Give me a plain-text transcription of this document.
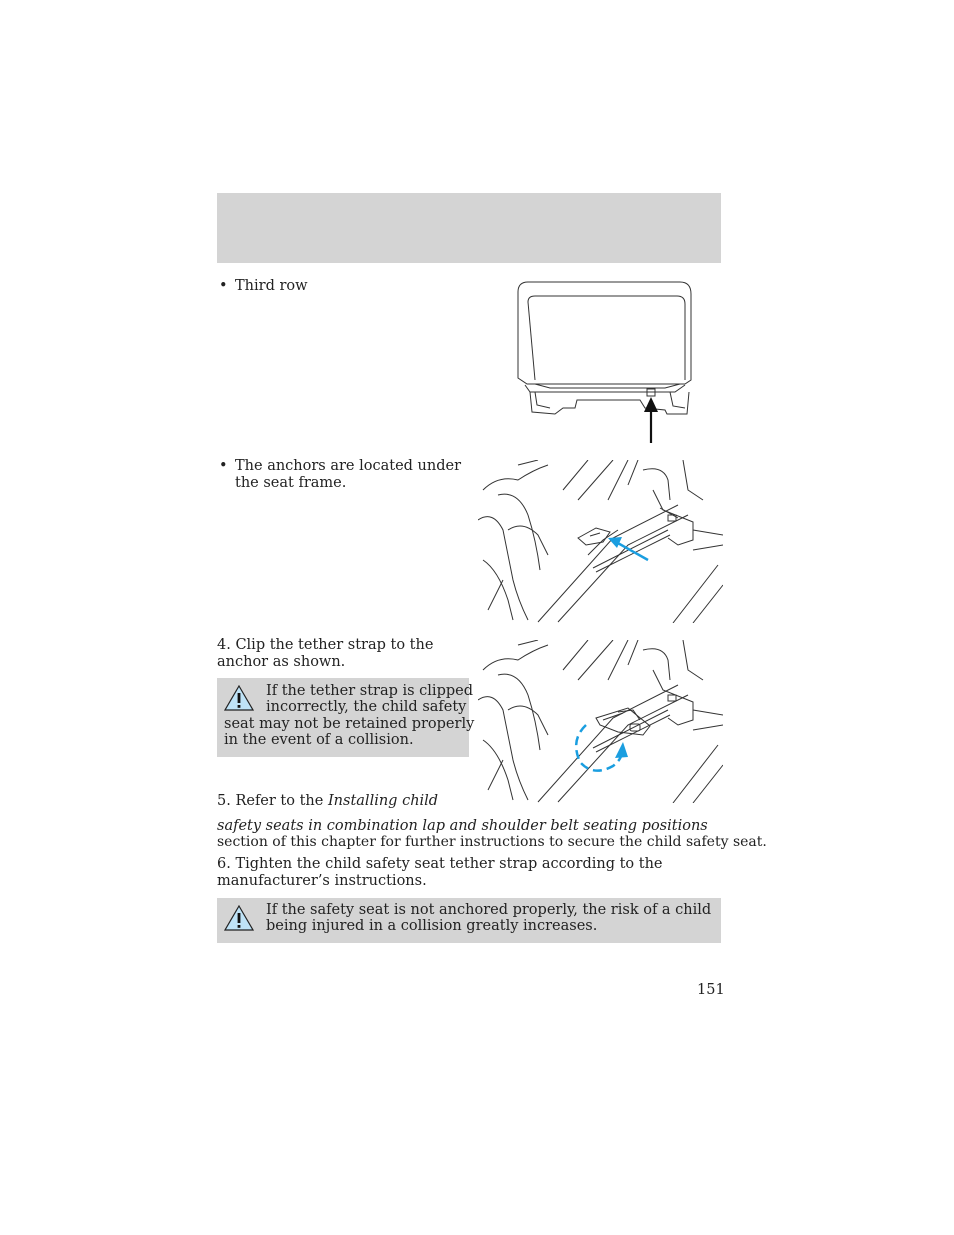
• Third row
• The anchors are located under
the seat frame.
4. Clip the tether strap to the
anchor as shown.
If the tether strap is clipped
incorrectly, the child safety
seat may not be retained properly
in the event of a collision.
5. Refer to the Installing child
safety seats in combination lap and shoulder belt seating positions
section of this chapter for further instructions to secure the child safety seat.
6. Tighten the child safety seat tether strap according to the
manufacturer’s instructions.
If the safety seat is not anchored properly, the risk of a child
being injured in a collision greatly increases.
151
